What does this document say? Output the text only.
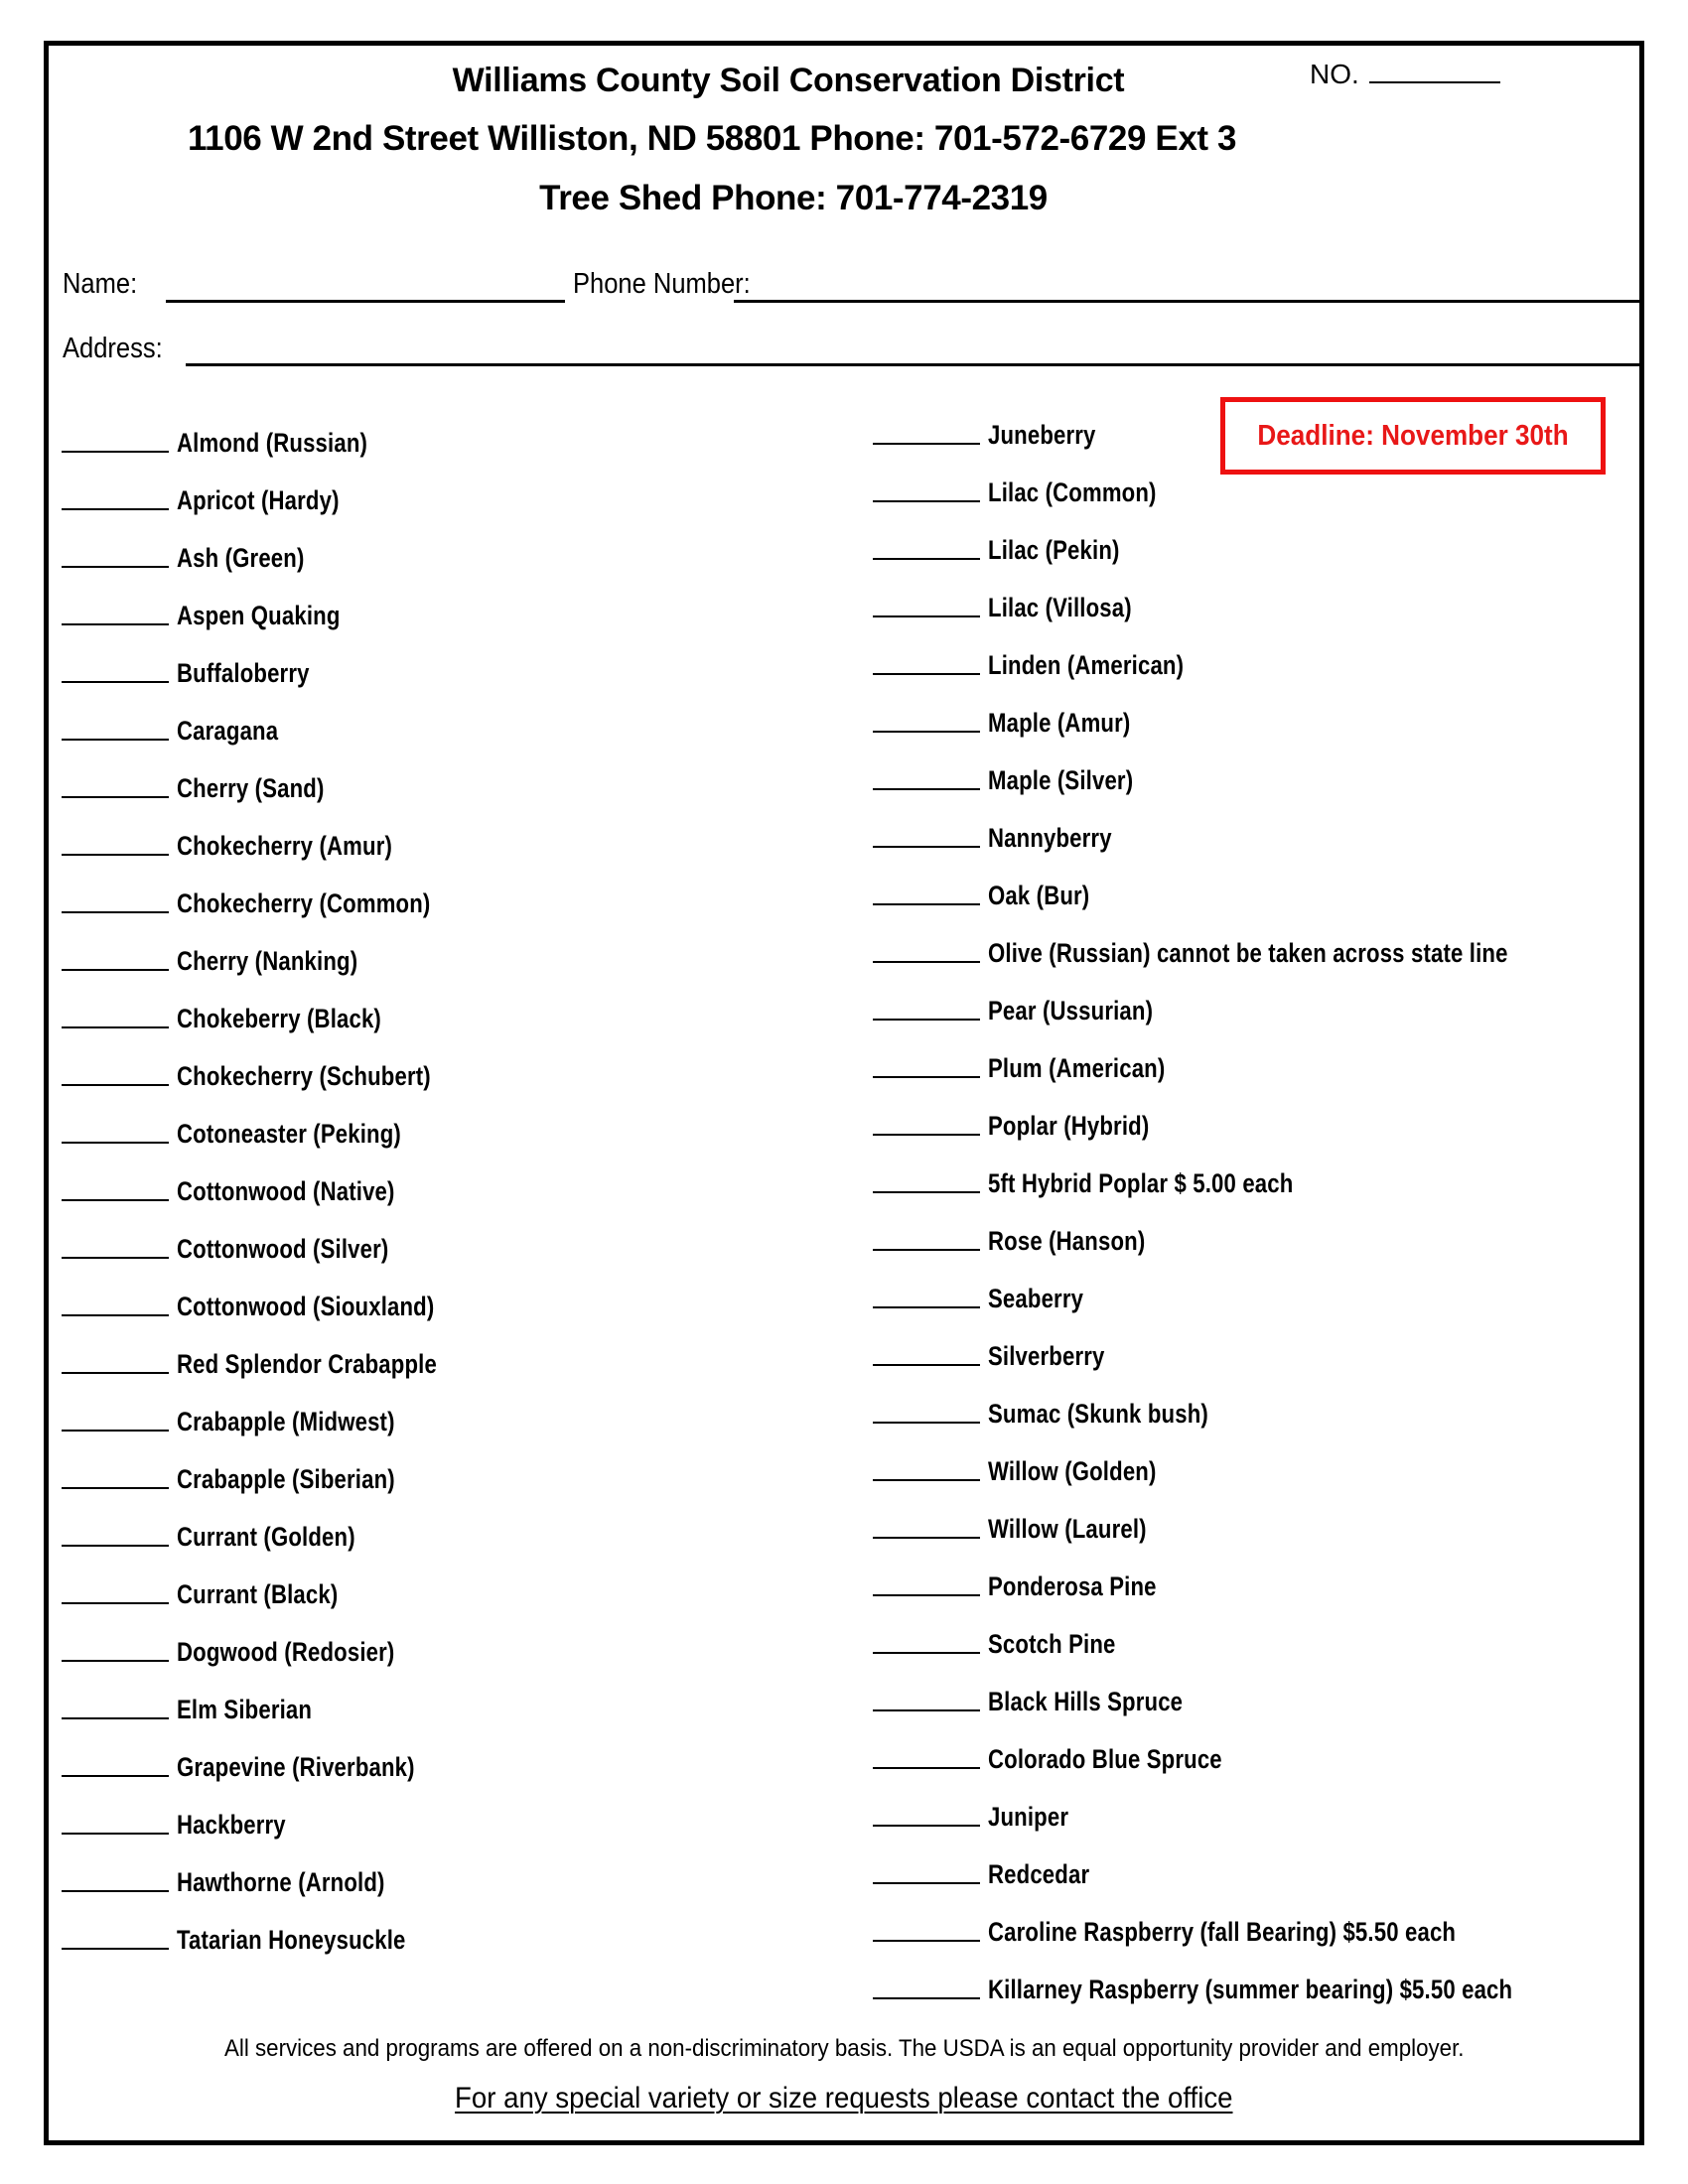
Williams County Soil Conservation District	NO.
1106 W 2nd Street Williston, ND 58801 Phone: 701-572-6729 Ext 3
Tree Shed Phone: 701-774-2319
Name:	Phone Number:
Address:
Deadline: November 30th
Almond (Russian)
Apricot (Hardy)
Ash (Green)
Aspen Quaking
Buffaloberry
Caragana
Cherry (Sand)
Chokecherry (Amur)
Chokecherry (Common)
Cherry (Nanking)
Chokeberry (Black)
Chokecherry (Schubert)
Cotoneaster (Peking)
Cottonwood (Native)
Cottonwood (Silver)
Cottonwood (Siouxland)
Red Splendor Crabapple
Crabapple (Midwest)
Crabapple (Siberian)
Currant (Golden)
Currant (Black)
Dogwood (Redosier)
Elm Siberian
Grapevine (Riverbank)
Hackberry
Hawthorne (Arnold)
Tatarian Honeysuckle
Juneberry
Lilac (Common)
Lilac (Pekin)
Lilac (Villosa)
Linden (American)
Maple (Amur)
Maple (Silver)
Nannyberry
Oak (Bur)
Olive (Russian) cannot be taken across state line
Pear (Ussurian)
Plum (American)
Poplar (Hybrid)
5ft Hybrid Poplar $ 5.00 each
Rose (Hanson)
Seaberry
Silverberry
Sumac (Skunk bush)
Willow (Golden)
Willow (Laurel)
Ponderosa Pine
Scotch Pine
Black Hills Spruce
Colorado Blue Spruce
Juniper
Redcedar
Caroline Raspberry (fall Bearing) $5.50 each
Killarney Raspberry (summer bearing) $5.50 each
All services and programs are offered on a non-discriminatory basis. The USDA is an equal opportunity provider and employer.
For any special variety or size requests please contact the office
